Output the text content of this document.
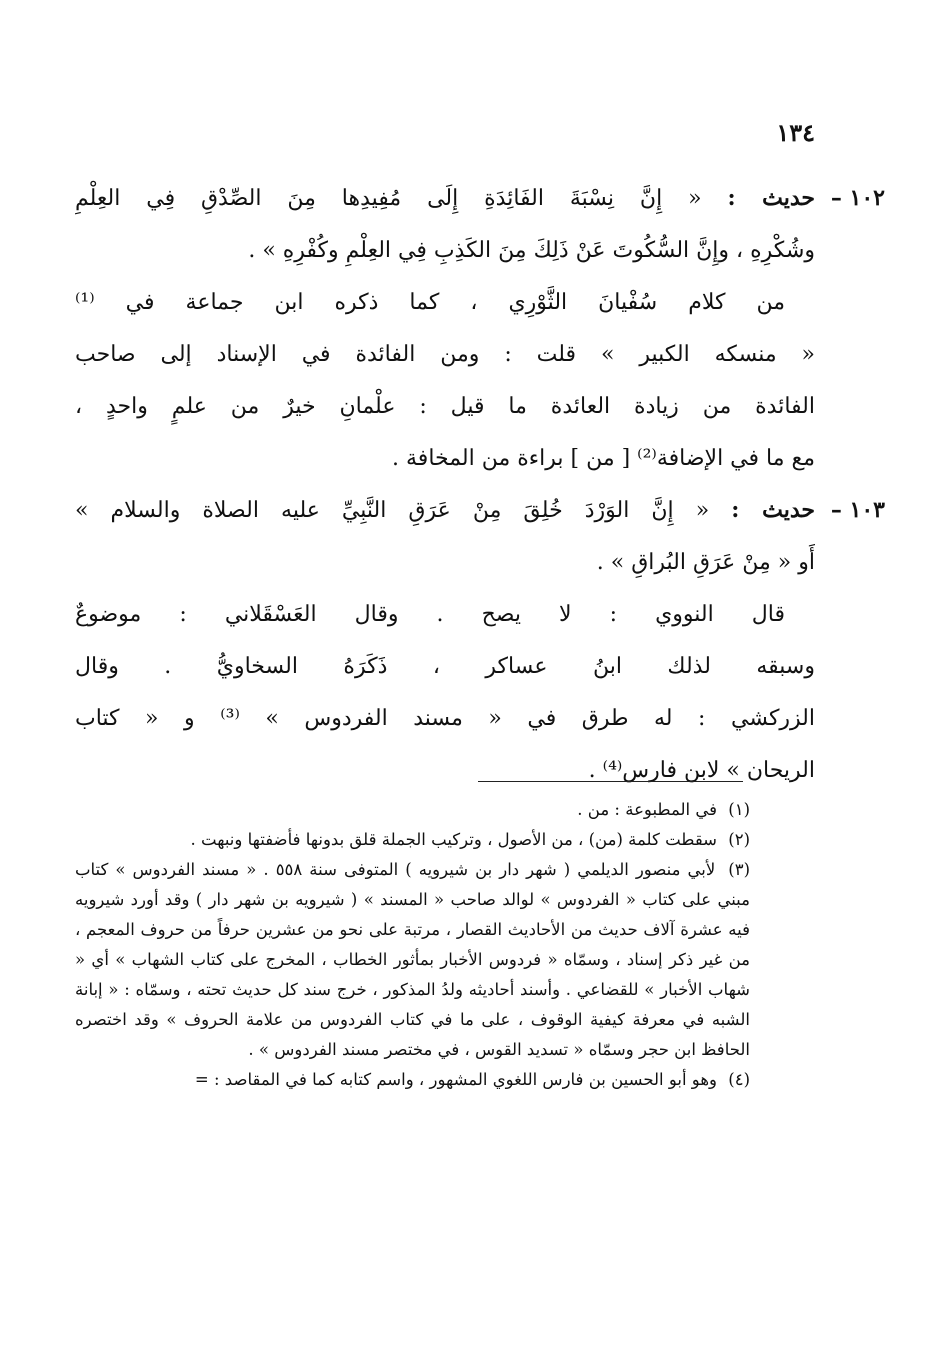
١٣٤
١٠٢ –
حديث : « إِنَّ نِسْبَةَ الفَائِدَةِ إِلَى مُفِيدِها مِنَ الصِّدْقِ فِي العِلْمِ
وشُكْرِهِ ، وإِنَّ السُّكُوتَ عَنْ ذَلِكَ مِنَ الكَذِبِ فِي العِلْمِ وكُفْرِهِ » .
من كلام سُفْيانَ الثَّوْرِي ، كما ذكره ابن جماعة في ⁽¹⁾
« منسكه الكبير » قلت : ومن الفائدة في الإسناد إلى صاحب
الفائدة من زيادة العائدة ما قيل : علْمانِ خيرٌ من علمٍ واحدٍ ،
مع ما في الإضافة⁽²⁾ [ من ] براءة من المخافة .
١٠٣ –
حديث : « إِنَّ الوَرْدَ خُلِقَ مِنْ عَرَقِ النَّبِيِّ عليه الصلاة والسلام »
أَو « مِنْ عَرَقِ البُراقِ » .
قال النووي : لا يصح . وقال العَسْقَلاني : موضوعٌ
وسبقه لذلك ابنُ عساكر ، ذَكَرَهُ السخاويُّ . وقال
الزركشي : له طرق في « مسند الفردوس » ⁽³⁾ و « كتاب
الريحان » لابن فارس⁽⁴⁾ .
(١) في المطبوعة : من .
(٢) سقطت كلمة (من) ، من الأصول ، وتركيب الجملة قلق بدونها فأضفتها ونبهت .
(٣) لأبي منصور الديلمي ( شهر دار بن شيرويه ) المتوفى سنة ٥٥٨ . « مسند الفردوس » كتاب مبني على كتاب « الفردوس » لوالد صاحب « المسند » ( شيرويه بن شهر دار ) وقد أورد شيرويه فيه عشرة آلاف حديث من الأحاديث القصار ، مرتبة على نحو من عشرين حرفاً من حروف المعجم ، من غير ذكر إسناد ، وسمّاه « فردوس الأخبار بمأثور الخطاب ، المخرج على كتاب الشهاب » أي « شهاب الأخبار » للقضاعي . وأسند أحاديثه ولدُ المذكور ، خرج سند كل حديث تحته ، وسمّاه : « إبانة الشبه في معرفة كيفية الوقوف ، على ما في كتاب الفردوس من علامة الحروف » وقد اختصره الحافظ ابن حجر وسمّاه « تسديد القوس ، في مختصر مسند الفردوس » .
(٤) وهو أبو الحسين بن فارس اللغوي المشهور ، واسم كتابه كما في المقاصد : =
